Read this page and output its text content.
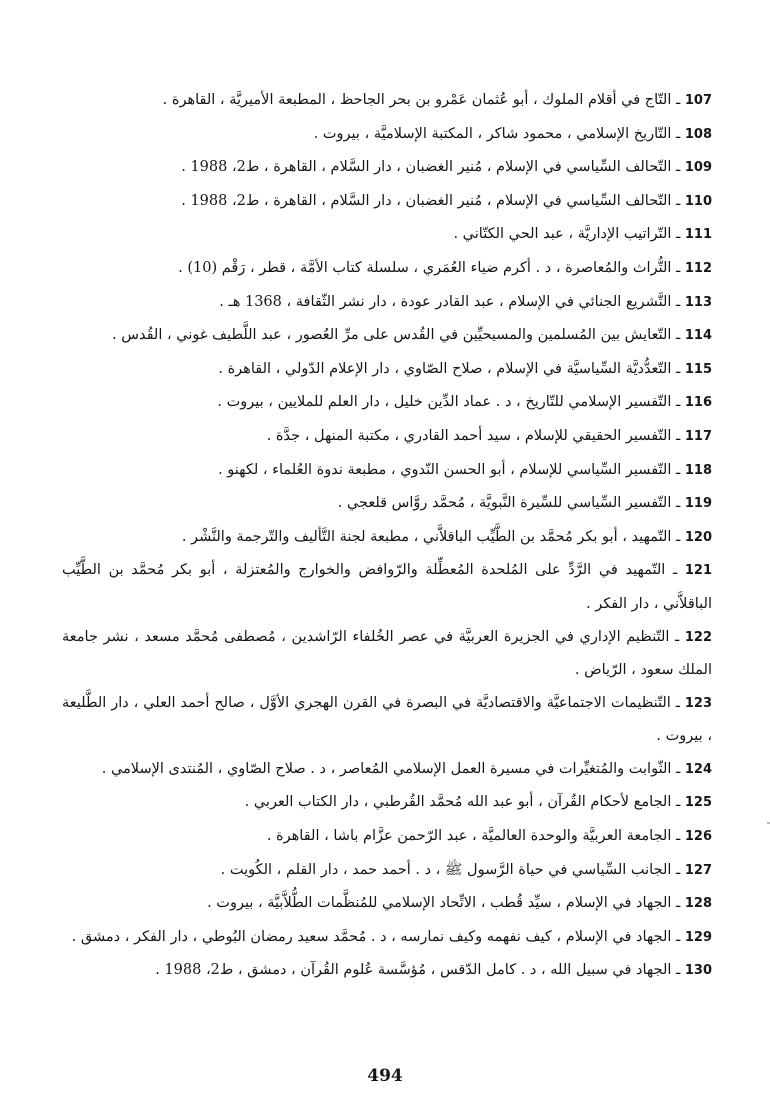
107 ـ التّاج في أقلام الملوك ، أبو عُثمان عَمْرو بن بحر الجاحظ ، المطبعة الأميريَّة ، القاهرة .
108 ـ التّاريخ الإسلامي ، محمود شاكر ، المكتبة الإسلاميَّة ، بيروت .
109 ـ التّحالف السِّياسي في الإسلام ، مُنير الغضبان ، دار السَّلام ، القاهرة ، ط2، 1988 .
110 ـ التّحالف السِّياسي في الإسلام ، مُنير الغضبان ، دار السَّلام ، القاهرة ، ط2، 1988 .
111 ـ التّراتيب الإداريَّة ، عبد الحي الكتّاني .
112 ـ التُّراث والمُعاصرة ، د . أكرم ضياء العُمَري ، سلسلة كتاب الأمَّة ، قطر ، رَقْم (10) .
113 ـ التَّشريع الجنائي في الإسلام ، عبد القادر عودة ، دار نشر الثّقافة ، 1368 هـ .
114 ـ التّعايش بين المُسلمين والمسيحيِّين في القُدس على مرِّ العُصور ، عبد اللَّطيف غوني ، القُدس .
115 ـ التّعدُّديَّة السِّياسيَّة في الإسلام ، صلاح الصّاوي ، دار الإعلام الدّولي ، القاهرة .
116 ـ التّفسير الإسلامي للتّاريخ ، د . عماد الدِّين خليل ، دار العلم للملايين ، بيروت .
117 ـ التّفسير الحقيقي للإسلام ، سيد أحمد القادري ، مكتبة المنهل ، جدَّة .
118 ـ التّفسير السِّياسي للإسلام ، أبو الحسن النّدوي ، مطبعة ندوة العُلماء ، لكهنو .
119 ـ التّفسير السِّياسي للسِّيرة النَّبويَّة ، مُحمَّد روَّاس قلعجي .
120 ـ التّمهيد ، أبو بكر مُحمَّد بن الطَّيِّب الباقلاَّني ، مطبعة لجنة التَّأليف والتّرجمة والنَّشْر .
121 ـ التّمهيد في الرَّدِّ على المُلحدة المُعطِّلة والرّوافض والخوارج والمُعتزلة ، أبو بكر مُحمَّد بن الطَّيِّب الباقلاَّني ، دار الفكر .
122 ـ التّنظيم الإداري في الجزيرة العربيَّة في عصر الخُلفاء الرّاشدين ، مُصطفى مُحمَّد مسعد ، نشر جامعة الملك سعود ، الرّياض .
123 ـ التّنظيمات الاجتماعيَّة والاقتصاديَّة في البصرة في القرن الهجري الأوَّل ، صالح أحمد العلي ، دار الطَّليعة ، بيروت .
124 ـ الثّوابت والمُتغيِّرات في مسيرة العمل الإسلامي المُعاصر ، د . صلاح الصّاوي ، المُنتدى الإسلامي .
125 ـ الجامع لأحكام القُرآن ، أبو عبد الله مُحمَّد القُرطبي ، دار الكتاب العربي .
126 ـ الجامعة العربيَّة والوحدة العالميَّة ، عبد الرّحمن عزَّام باشا ، القاهرة .
127 ـ الجانب السِّياسي في حياة الرَّسول ﷺ ، د . أحمد حمد ، دار القلم ، الكُويت .
128 ـ الجهاد في الإسلام ، سيِّد قُطب ، الاتِّحاد الإسلامي للمُنظَّمات الطُّلاَّبيَّة ، بيروت .
129 ـ الجهاد في الإسلام ، كيف نفهمه وكيف نمارسه ، د . مُحمَّد سعيد رمضان البُوطي ، دار الفكر ، دمشق .
130 ـ الجهاد في سبيل الله ، د . كامل الدّقس ، مُؤسَّسة عُلوم القُرآن ، دمشق ، ط2، 1988 .
494
